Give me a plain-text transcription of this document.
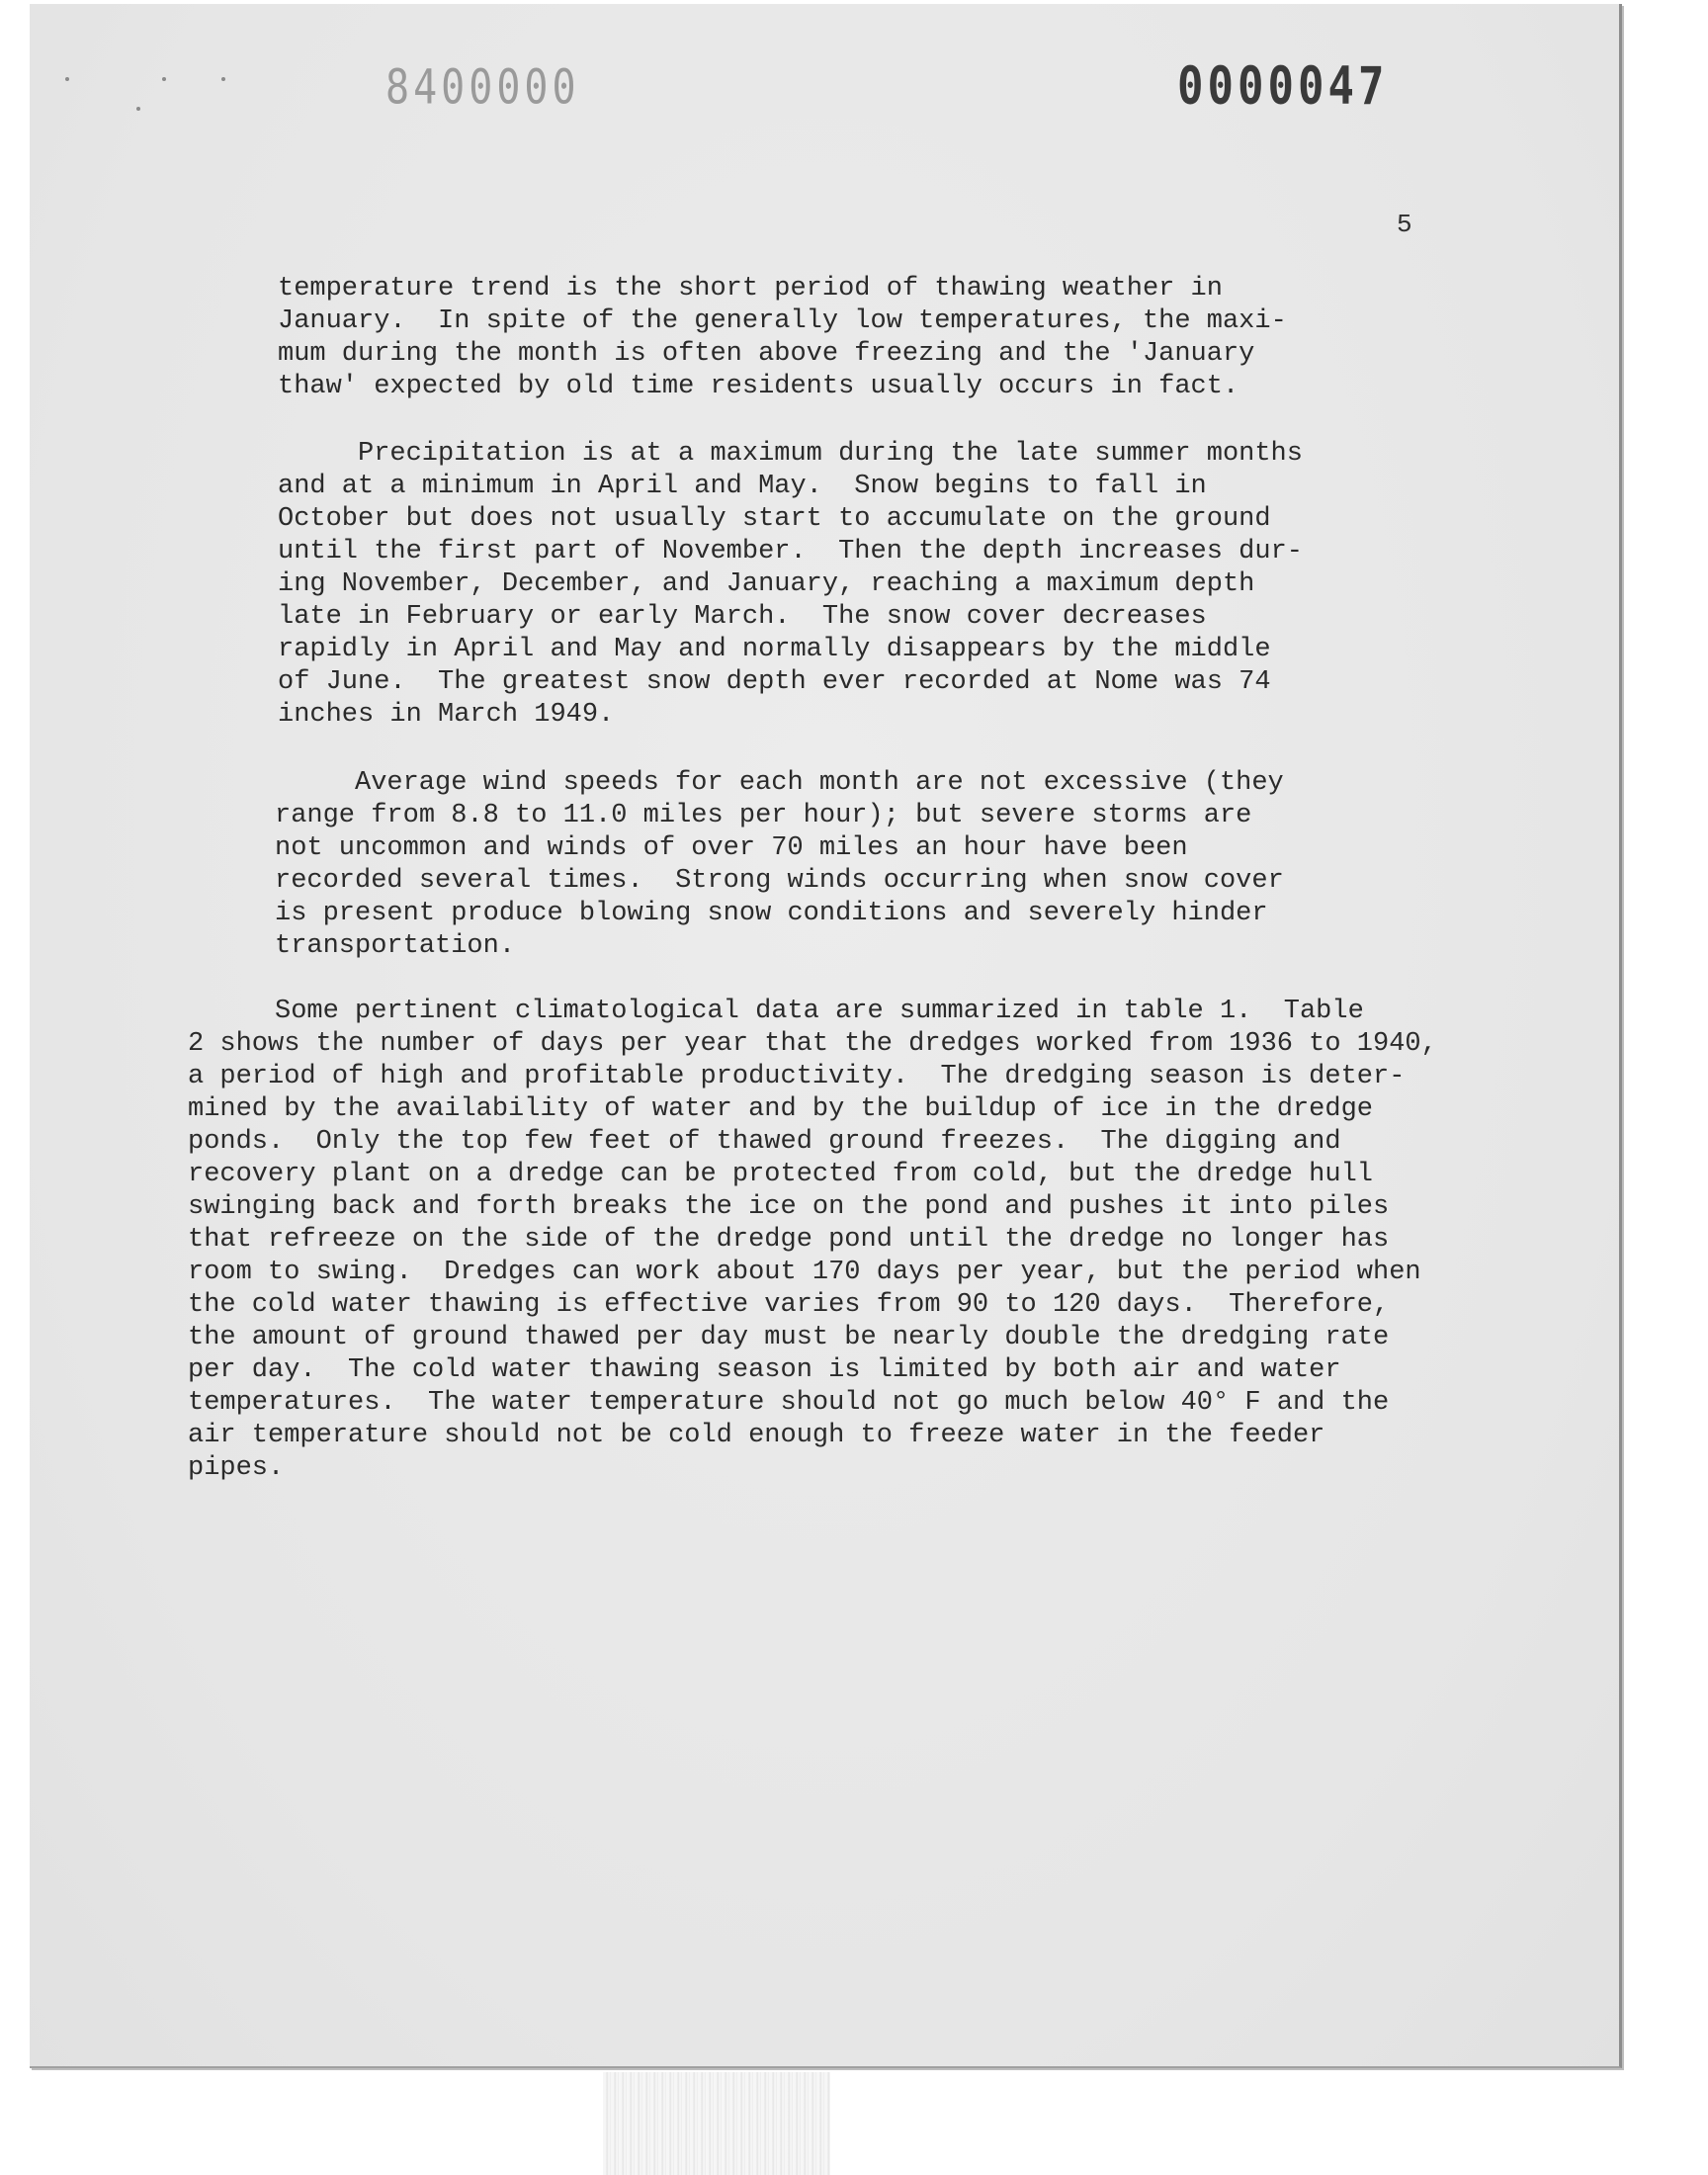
8400000	0000047
5
temperature trend is the short period of thawing weather in
January.  In spite of the generally low temperatures, the maxi-
mum during the month is often above freezing and the 'January
thaw' expected by old time residents usually occurs in fact.
Precipitation is at a maximum during the late summer months
and at a minimum in April and May.  Snow begins to fall in
October but does not usually start to accumulate on the ground
until the first part of November.  Then the depth increases dur-
ing November, December, and January, reaching a maximum depth
late in February or early March.  The snow cover decreases
rapidly in April and May and normally disappears by the middle
of June.  The greatest snow depth ever recorded at Nome was 74
inches in March 1949.
Average wind speeds for each month are not excessive (they
range from 8.8 to 11.0 miles per hour); but severe storms are
not uncommon and winds of over 70 miles an hour have been
recorded several times.  Strong winds occurring when snow cover
is present produce blowing snow conditions and severely hinder
transportation.
Some pertinent climatological data are summarized in table 1.  Table
2 shows the number of days per year that the dredges worked from 1936 to 1940,
a period of high and profitable productivity.  The dredging season is deter-
mined by the availability of water and by the buildup of ice in the dredge
ponds.  Only the top few feet of thawed ground freezes.  The digging and
recovery plant on a dredge can be protected from cold, but the dredge hull
swinging back and forth breaks the ice on the pond and pushes it into piles
that refreeze on the side of the dredge pond until the dredge no longer has
room to swing.  Dredges can work about 170 days per year, but the period when
the cold water thawing is effective varies from 90 to 120 days.  Therefore,
the amount of ground thawed per day must be nearly double the dredging rate
per day.  The cold water thawing season is limited by both air and water
temperatures.  The water temperature should not go much below 40° F and the
air temperature should not be cold enough to freeze water in the feeder
pipes.
